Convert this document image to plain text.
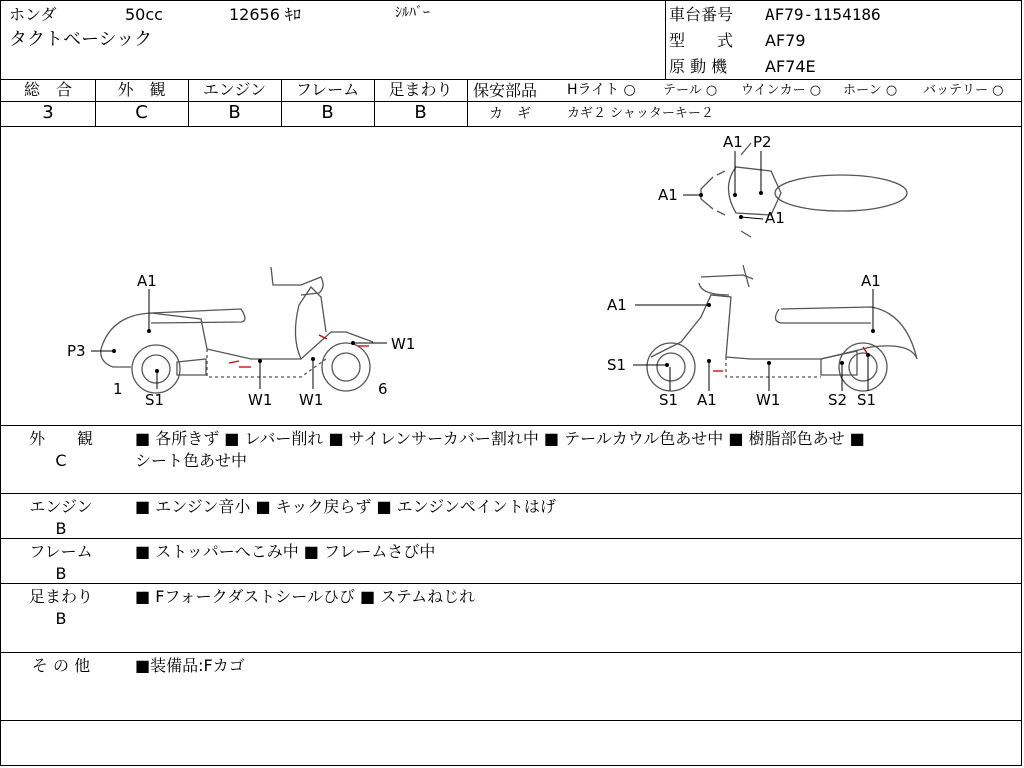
ホンダ	50cc	12656 ｷﾛ	ｼﾙﾊﾞｰ
タクトベーシック
車台番号 AF79-1154186
型　　式 AF79
原 動 機 AF74E
総　合
3
外　観
C
エンジン
B
フレーム
B
足まわり
B
保安部品 Hライト ○ テール ○ ウインカー ○ ホーン ○ バッテリー ○
カ　ギ	カギ２ シャッターキー２
A1
P3
1
S1	W1 W1
W1
6
A1 P2
A1
A1
A1
A1
S1
S1 A1	W1	S2 S1
外　　観
C
■ 各所きず ■ レバー削れ ■ サイレンサーカバー割れ中 ■ テールカウル色あせ中 ■ 樹脂部色あせ ■
シート色あせ中
エンジン
B
■ エンジン音小 ■ キック戻らず ■ エンジンペイントはげ
フレーム
B
■ ストッパーへこみ中 ■ フレームさび中
足まわり
B
■ Fフォークダストシールひび ■ ステムねじれ
そ の 他	■装備品:Fカゴ
